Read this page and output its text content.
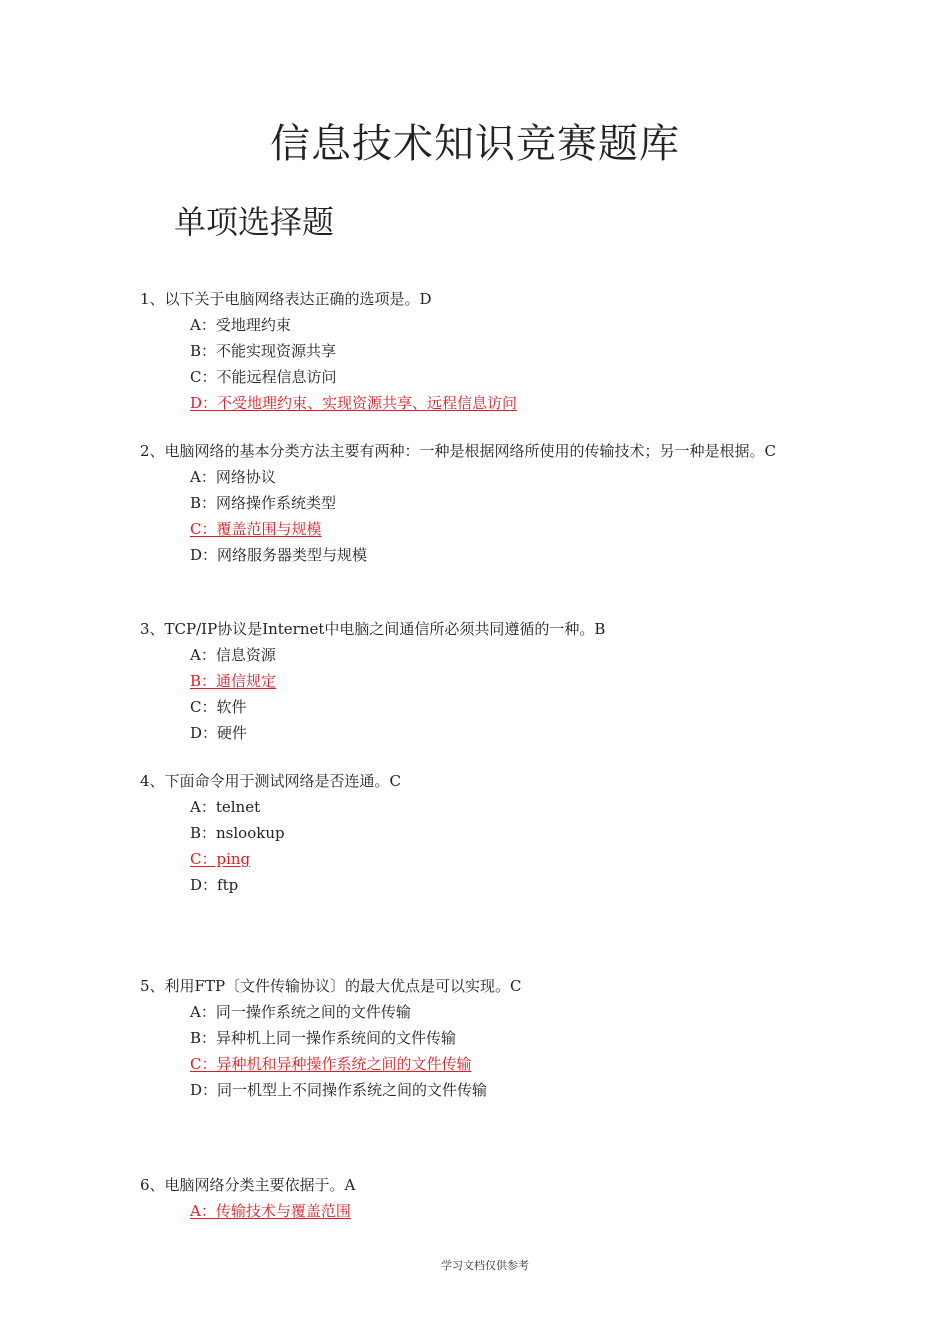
信息技术知识竞赛题库
单项选择题

1、以下关于电脑网络表达正确的选项是。D

A：受地理约束

B：不能实现资源共享

C：不能远程信息访问

D：不受地理约束、实现资源共享、远程信息访问

2、电脑网络的基本分类方法主要有两种：一种是根据网络所使用的传输技术；另一种是根据。C

A：网络协议

B：网络操作系统类型

C：覆盖范围与规模

D：网络服务器类型与规模

3、TCP/IP协议是Internet中电脑之间通信所必须共同遵循的一种。B

A：信息资源

B：通信规定

C：软件

D：硬件

4、下面命令用于测试网络是否连通。C

A：telnet

B：nslookup

C：ping

D：ftp

5、利用FTP〔文件传输协议〕的最大优点是可以实现。C

A：同一操作系统之间的文件传输

B：异种机上同一操作系统间的文件传输

C：异种机和异种操作系统之间的文件传输

D：同一机型上不同操作系统之间的文件传输

6、电脑网络分类主要依据于。A

A：传输技术与覆盖范围

学习文档仅供参考
